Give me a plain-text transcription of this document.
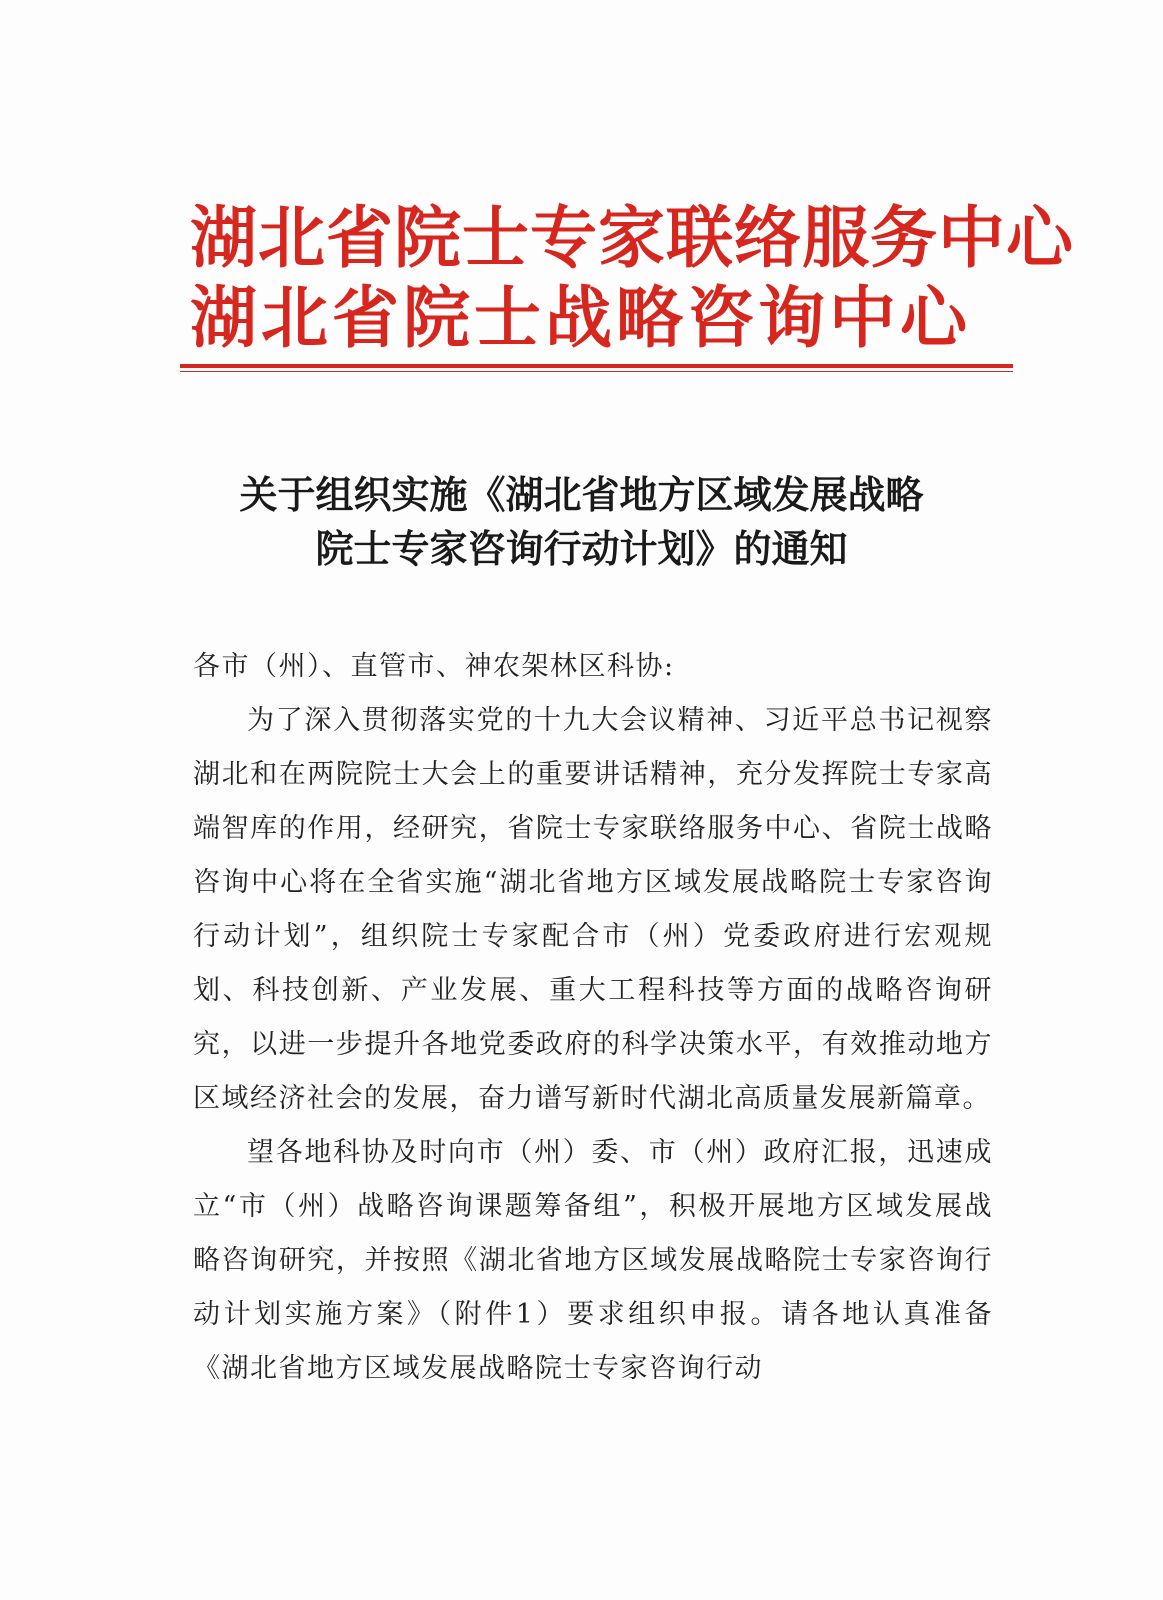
湖北省院士专家联络服务中心
湖北省院士战略咨询中心
关于组织实施《湖北省地方区域发展战略
院士专家咨询行动计划》的通知

各市（州）、直管市、神农架林区科协:

为了深入贯彻落实党的十九大会议精神、习近平总书记视察湖北和在两院院士大会上的重要讲话精神，充分发挥院士专家高端智库的作用，经研究，省院士专家联络服务中心、省院士战略咨询中心将在全省实施“湖北省地方区域发展战略院士专家咨询行动计划”，组织院士专家配合市（州）党委政府进行宏观规划、科技创新、产业发展、重大工程科技等方面的战略咨询研究，以进一步提升各地党委政府的科学决策水平，有效推动地方区域经济社会的发展，奋力谱写新时代湖北高质量发展新篇章。

望各地科协及时向市（州）委、市（州）政府汇报，迅速成立“市（州）战略咨询课题筹备组”，积极开展地方区域发展战略咨询研究，并按照《湖北省地方区域发展战略院士专家咨询行动计划实施方案》（附件1）要求组织申报。请各地认真准备《湖北省地方区域发展战略院士专家咨询行动
